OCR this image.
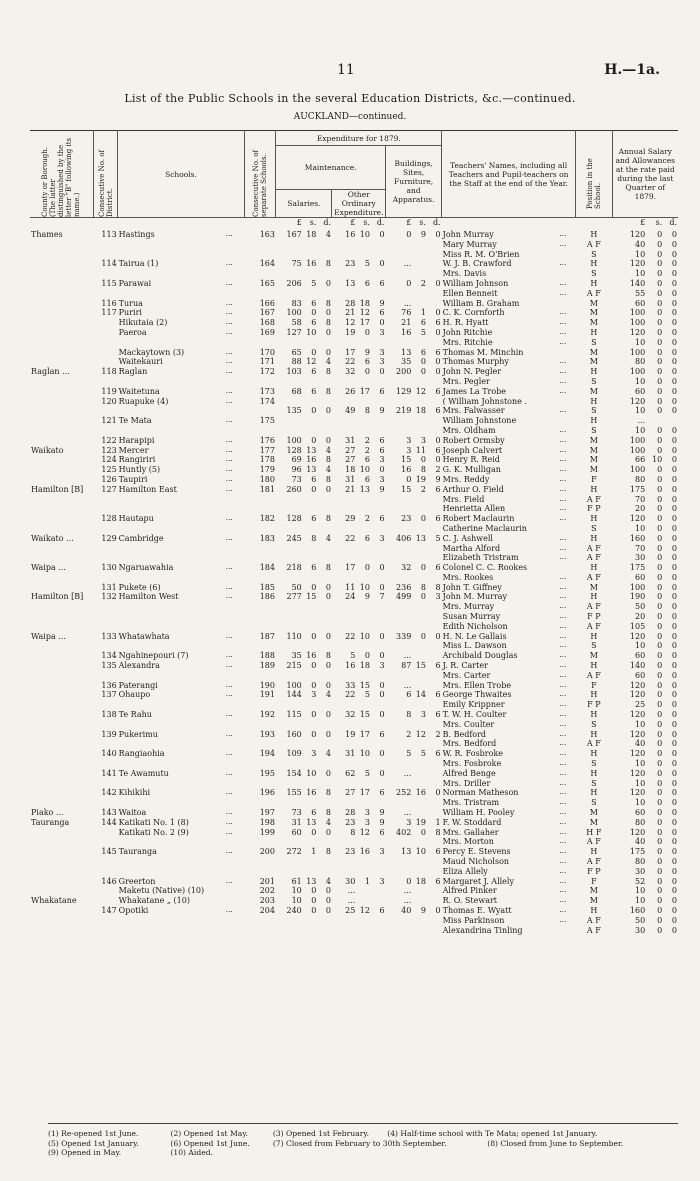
11	H.—1a.
List of the Public Schools in the several Education Districts, &c.—continued.
AUCKLAND—continued.
County or Borough. (The latter distinguished by the letter "B" following its name.)	Consecutive No. of District.	Schools.		Consecutive No. of separate Schools.	Expenditure for 1879.									Teachers' Names, including all Teachers and Pupil-teachers on the Staff at the end of the Year.		Position in the School.	Annual Salary and Allowances at the rate paid during the last Quarter of 1879.		
					Maintenance.						Buildings, Sites, Furniture, and Apparatus.								
					Salaries.			Other Ordinary Expenditure.											
					£	s.	d.	£	s.	d.	£	s.	d.				£	s.	d.
Thames	113	Hastings	...	163	167	18	4	16	10	0	0	9	0	John Murray	...	H	120	0	0
														Mary Murray	...	A F	40	0	0
														Miss R. M. O'Brien		S	10	0	0
	114	Tairua (1)	...	164	75	16	8	23	5	0	...			W. J. B. Crawford	...	H	120	0	0
														Mrs. Davis		S	10	0	0
	115	Parawai	...	165	206	5	0	13	6	6	0	2	0	William Johnson	...	H	140	0	0
														Ellen Benneit	...	A F	55	0	0
	116	Turua	...	166	83	6	8	28	18	9	...			William B. Graham		M	60	0	0
	117	Puriri	...	167	100	0	0	21	12	6	76	1	0	C. K. Cornforth	...	M	100	0	0
		Hikutaia (2)	...	168	58	6	8	12	17	0	21	6	6	H. R. Hyatt	...	M	100	0	0
		Paeroa	...	169	127	10	0	19	0	3	16	5	0	John Ritchie	...	H	120	0	0
														Mrs. Ritchie	...	S	10	0	0
		Mackaytown (3)	...	170	65	0	0	17	9	3	13	6	6	Thomas M. Minchin		M	100	0	0
		Waitekauri	...	171	88	12	4	22	6	3	35	0	0	Thomas Murphy	...	M	80	0	0
Raglan ...	118	Raglan	...	172	103	6	8	32	0	0	200	0	0	John N. Pegler	...	H	100	0	0
														Mrs. Pegler	...	S	10	0	0
	119	Waitetuna	...	173	68	6	8	26	17	6	129	12	6	James La Trobe	...	M	60	0	0
	120	Ruapuke (4)	...	174										( William Johnstone .		H	120	0	0
					135	0	0	49	8	9	219	18	6	Mrs. Falwasser	...	S	10	0	0
	121	Te Mata	...	175										William Johnstone		H	...		
														Mrs. Oldham	...	S	10	0	0
	122	Harapipi	...	176	100	0	0	31	2	6	3	3	0	Robert Ormsby	...	M	100	0	0
Waikato	123	Mercer	...	177	128	13	4	27	2	6	3	11	6	Joseph Calvert	...	M	100	0	0
	124	Rangiriri	...	178	69	16	8	27	6	3	15	0	0	Henry R. Reid	...	M	66	10	0
	125	Huntly (5)	...	179	96	13	4	18	10	0	16	8	2	G. K. Mulligan	...	M	100	0	0
	126	Taupiri	...	180	73	6	8	31	6	3	0	19	9	Mrs. Reddy	...	F	80	0	0
Hamilton [B]	127	Hamilton East	...	181	260	0	0	21	13	9	15	2	6	Arthur O. Field	...	H	175	0	0
														Mrs. Field	...	A F	70	0	0
														Henrietta Allen	...	F P	20	0	0
	128	Hautapu	...	182	128	6	8	29	2	6	23	0	6	Robert Maclaurin	...	H	120	0	0
														Catherine Maclaurin		S	10	0	0
Waikato ...	129	Cambridge	...	183	245	8	4	22	6	3	406	13	5	C. J. Ashwell	...	H	160	0	0
														Martha Alford	...	A F	70	0	0
														Elizabeth Tristram	...	A F	30	0	0
Waipa ...	130	Ngaruawahia	...	184	218	6	8	17	0	0	32	0	6	Colonel C. C. Rookes		H	175	0	0
														Mrs. Rookes	...	A F	60	0	0
	131	Pukete (6)	...	185	50	0	0	11	10	0	236	8	8	John T. Giffney	...	M	100	0	0
Hamilton [B]	132	Hamilton West	...	186	277	15	0	24	9	7	499	0	3	John M. Murray	...	H	190	0	0
														Mrs. Murray	...	A F	50	0	0
														Susan Murray	...	F P	20	0	0
														Edith Nicholson	...	A F	105	0	0
Waipa ...	133	Whatawhata	...	187	110	0	0	22	10	0	339	0	0	H. N. Le Gallais	...	H	120	0	0
														Miss L. Dawson	...	S	10	0	0
	134	Ngahinepouri (7)	...	188	35	16	8	5	0	0	...			Archibald Douglas	...	M	60	0	0
	135	Alexandra	...	189	215	0	0	16	18	3	87	15	6	J. R. Carter	...	H	140	0	0
														Mrs. Carter	...	A F	60	0	0
	136	Paterangi	...	190	100	0	0	33	15	0	...			Mrs. Ellen Trobe	...	F	120	0	0
	137	Ohaupo	...	191	144	3	4	22	5	0	6	14	6	George Thwaites	...	H	120	0	0
														Emily Krippner	...	F P	25	0	0
	138	Te Rahu	...	192	115	0	0	32	15	0	8	3	6	T. W. H. Coulter	...	H	120	0	0
														Mrs. Coulter	...	S	10	0	0
	139	Pukerimu	...	193	160	0	0	19	17	6	2	12	2	B. Bedford	...	H	120	0	0
														Mrs. Bedford	...	A F	40	0	0
	140	Rangiaohia	...	194	109	3	4	31	10	0	5	5	6	W. R. Fosbroke	...	H	120	0	0
														Mrs. Fosbroke	...	S	10	0	0
	141	Te Awamutu	...	195	154	10	0	62	5	0	...			Alfred Benge	...	H	120	0	0
														Mrs. Driller	...	S	10	0	0
	142	Kihikihi	...	196	155	16	8	27	17	6	252	16	0	Norman Matheson	...	H	120	0	0
														Mrs. Tristram	...	S	10	0	0
Piako ...	143	Waitoa	...	197	73	6	8	28	3	9	...			William H. Pooley	...	M	60	0	0
Tauranga	144	Katikati No. 1 (8)	...	198	31	13	4	23	3	9	3	19	1	F. W. Stoddard	...	M	80	0	0
		Katikati No. 2 (9)	...	199	60	0	0	8	12	6	402	0	8	Mrs. Gallaher	...	H F	120	0	0
														Mrs. Morton	...	A F	40	0	0
	145	Tauranga	...	200	272	1	8	23	16	3	13	10	6	Percy E. Stevens	...	H	175	0	0
														Maud Nicholson	...	A F	80	0	0
														Eliza Allely	...	F P	30	0	0
	146	Greerton	...	201	61	13	4	30	1	3	0	18	6	Margaret J. Allely	...	F	52	0	0
		Maketu (Native) (10)		202	10	0	0	...			...			Alfred Pinker	...	M	10	0	0
Whakatane		Whakatane „ (10)		203	10	0	0	...			...			R. O. Stewart	...	M	10	0	0
	147	Opotiki	...	204	240	0	0	25	12	6	40	9	0	Thomas E. Wyatt	...	H	160	0	0
														Miss Parkinson	...	A F	50	0	0
														Alexandrina Tinling		A F	30	0	0
(1) Re-opened 1st June.	(2) Opened 1st May.	(3) Opened 1st February. (4) Half-time school with Te Mata; opened 1st January.
(5) Opened 1st January.	(6) Opened 1st June.	(7) Closed from February to 30th September.	(8) Closed from June to September.
(9) Opened in May.	(10) Aided.
